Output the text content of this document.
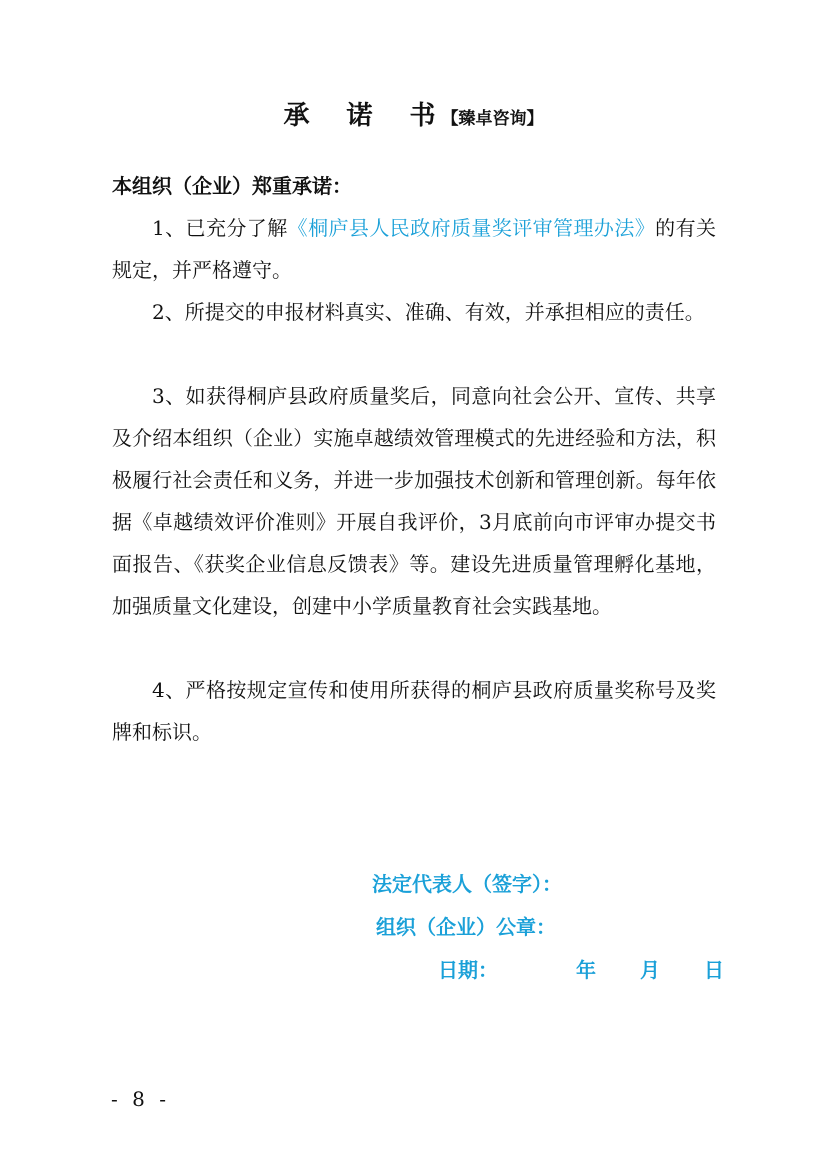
承 诺 书【臻卓咨询】
本组织（企业）郑重承诺：

1、已充分了解《桐庐县人民政府质量奖评审管理办法》的有关规定，并严格遵守。

2、所提交的申报材料真实、准确、有效，并承担相应的责任。

3、如获得桐庐县政府质量奖后，同意向社会公开、宣传、共享及介绍本组织（企业）实施卓越绩效管理模式的先进经验和方法，积极履行社会责任和义务，并进一步加强技术创新和管理创新。每年依据《卓越绩效评价准则》开展自我评价，3月底前向市评审办提交书面报告、《获奖企业信息反馈表》等。建设先进质量管理孵化基地，加强质量文化建设，创建中小学质量教育社会实践基地。

4、严格按规定宣传和使用所获得的桐庐县政府质量奖称号及奖牌和标识。

法定代表人（签字）：
组织（企业）公章：
日期：	年 月 日
- 8 -
